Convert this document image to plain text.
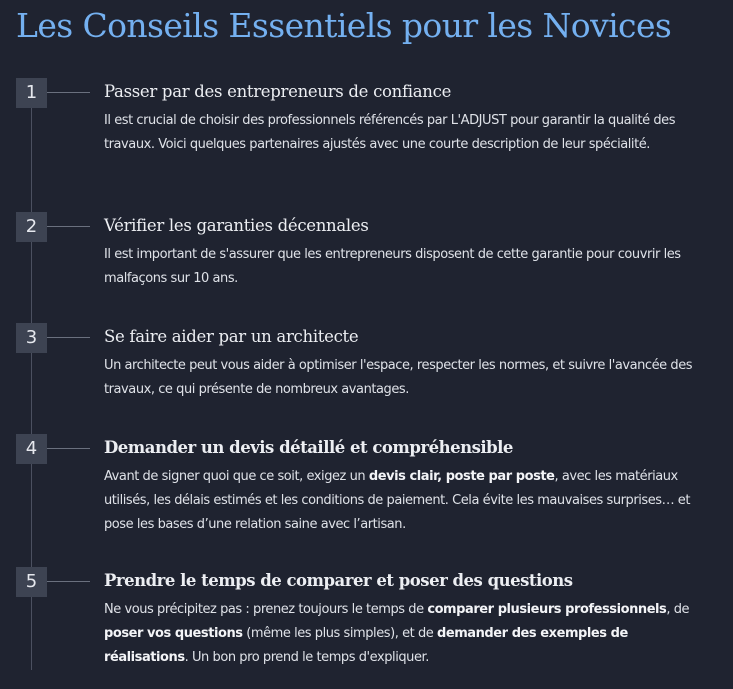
Les Conseils Essentiels pour les Novices
1	Passer par des entrepreneurs de confiance

Il est crucial de choisir des professionnels référencés par L'ADJUST pour garantir la qualité des travaux. Voici quelques partenaires ajustés avec une courte description de leur spécialité.

2	Vérifier les garanties décennales

Il est important de s'assurer que les entrepreneurs disposent de cette garantie pour couvrir les malfaçons sur 10 ans.

3	Se faire aider par un architecte

Un architecte peut vous aider à optimiser l'espace, respecter les normes, et suivre l'avancée des travaux, ce qui présente de nombreux avantages.

4	Demander un devis détaillé et compréhensible

Avant de signer quoi que ce soit, exigez un devis clair, poste par poste, avec les matériaux utilisés, les délais estimés et les conditions de paiement. Cela évite les mauvaises surprises… et pose les bases d’une relation saine avec l’artisan.

5	Prendre le temps de comparer et poser des questions

Ne vous précipitez pas : prenez toujours le temps de comparer plusieurs professionnels, de poser vos questions (même les plus simples), et de demander des exemples de réalisations. Un bon pro prend le temps d'expliquer.
